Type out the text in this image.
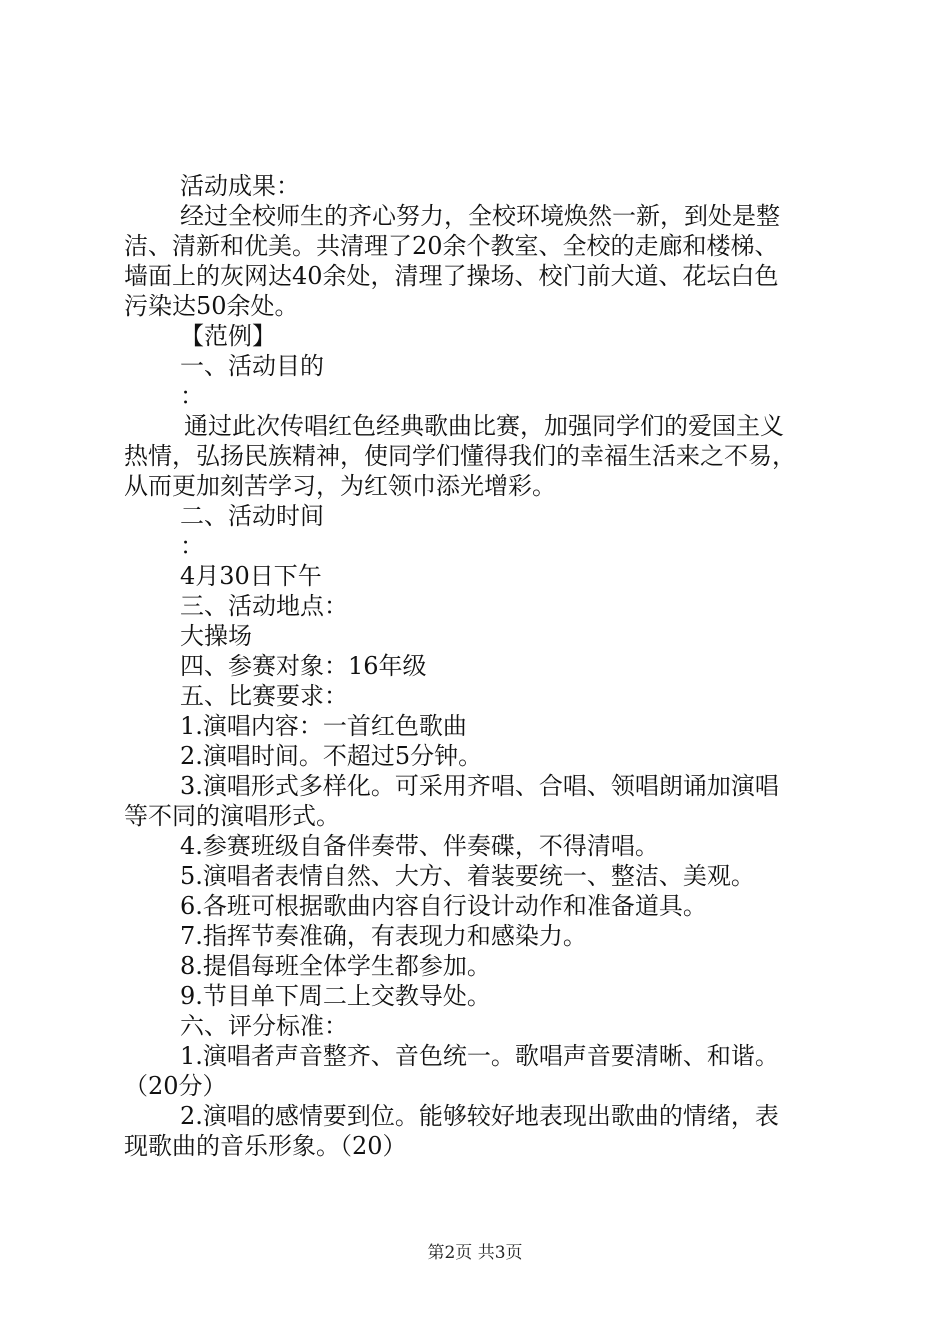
活动成果：
经过全校师生的齐心努力，全校环境焕然一新，到处是整
洁、清新和优美。共清理了20余个教室、全校的走廊和楼梯、
墙面上的灰网达40余处，清理了操场、校门前大道、花坛白色
污染达50余处。
【范例】
一、活动目的
：
通过此次传唱红色经典歌曲比赛，加强同学们的爱国主义
热情，弘扬民族精神，使同学们懂得我们的幸福生活来之不易，
从而更加刻苦学习，为红领巾添光增彩。
二、活动时间
：
4月30日下午
三、活动地点：
大操场
四、参赛对象：16年级
五、比赛要求：
1.演唱内容：一首红色歌曲
2.演唱时间。不超过5分钟。
3.演唱形式多样化。可采用齐唱、合唱、领唱朗诵加演唱
等不同的演唱形式。
4.参赛班级自备伴奏带、伴奏碟，不得清唱。
5.演唱者表情自然、大方、着装要统一、整洁、美观。
6.各班可根据歌曲内容自行设计动作和准备道具。
7.指挥节奏准确，有表现力和感染力。
8.提倡每班全体学生都参加。
9.节目单下周二上交教导处。
六、评分标准：
1.演唱者声音整齐、音色统一。歌唱声音要清晰、和谐。
（20分）
2.演唱的感情要到位。能够较好地表现出歌曲的情绪，表
现歌曲的音乐形象。（20）
第2页 共3页
